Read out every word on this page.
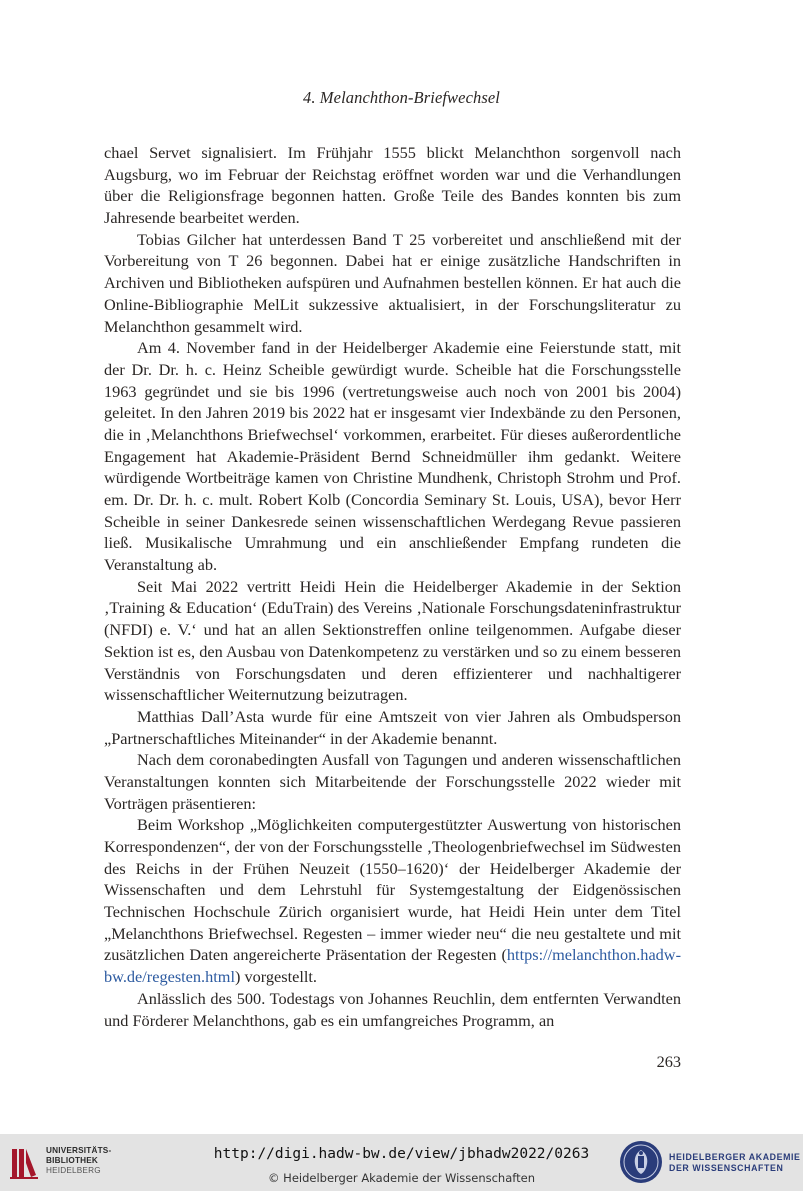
4. Melanchthon-Briefwechsel

chael Servet signalisiert. Im Frühjahr 1555 blickt Melanchthon sorgenvoll nach Augsburg, wo im Februar der Reichstag eröffnet worden war und die Verhandlungen über die Religionsfrage begonnen hatten. Große Teile des Bandes konnten bis zum Jahresende bearbeitet werden.

Tobias Gilcher hat unterdessen Band T 25 vorbereitet und anschließend mit der Vorbereitung von T 26 begonnen. Dabei hat er einige zusätzliche Handschriften in Archiven und Bibliotheken aufspüren und Aufnahmen bestellen können. Er hat auch die Online-Bibliographie MelLit sukzessive aktualisiert, in der Forschungsliteratur zu Melanchthon gesammelt wird.

Am 4. November fand in der Heidelberger Akademie eine Feierstunde statt, mit der Dr. Dr. h. c. Heinz Scheible gewürdigt wurde. Scheible hat die Forschungsstelle 1963 gegründet und sie bis 1996 (vertretungsweise auch noch von 2001 bis 2004) geleitet. In den Jahren 2019 bis 2022 hat er insgesamt vier Indexbände zu den Personen, die in ‚Melanchthons Briefwechsel‘ vorkommen, erarbeitet. Für dieses außerordentliche Engagement hat Akademie-Präsident Bernd Schneidmüller ihm gedankt. Weitere würdigende Wortbeiträge kamen von Christine Mundhenk, Christoph Strohm und Prof. em. Dr. Dr. h. c. mult. Robert Kolb (Concordia Seminary St. Louis, USA), bevor Herr Scheible in seiner Dankesrede seinen wissenschaftlichen Werdegang Revue passieren ließ. Musikalische Umrahmung und ein anschließender Empfang rundeten die Veranstaltung ab.

Seit Mai 2022 vertritt Heidi Hein die Heidelberger Akademie in der Sektion ‚Training & Education‘ (EduTrain) des Vereins ‚Nationale Forschungsdateninfrastruktur (NFDI) e. V.‘ und hat an allen Sektionstreffen online teilgenommen. Aufgabe dieser Sektion ist es, den Ausbau von Datenkompetenz zu verstärken und so zu einem besseren Verständnis von Forschungsdaten und deren effizienterer und nachhaltigerer wissenschaftlicher Weiternutzung beizutragen.

Matthias Dall’Asta wurde für eine Amtszeit von vier Jahren als Ombudsperson „Partnerschaftliches Miteinander“ in der Akademie benannt.

Nach dem coronabedingten Ausfall von Tagungen und anderen wissenschaftlichen Veranstaltungen konnten sich Mitarbeitende der Forschungsstelle 2022 wieder mit Vorträgen präsentieren:

Beim Workshop „Möglichkeiten computergestützter Auswertung von historischen Korrespondenzen“, der von der Forschungsstelle ‚Theologenbriefwechsel im Südwesten des Reichs in der Frühen Neuzeit (1550–1620)‘ der Heidelberger Akademie der Wissenschaften und dem Lehrstuhl für Systemgestaltung der Eidgenössischen Technischen Hochschule Zürich organisiert wurde, hat Heidi Hein unter dem Titel „Melanchthons Briefwechsel. Regesten – immer wieder neu“ die neu gestaltete und mit zusätzlichen Daten angereicherte Präsentation der Regesten (https://melanchthon.hadw-bw.de/regesten.html) vorgestellt.

Anlässlich des 500. Todestags von Johannes Reuchlin, dem entfernten Verwandten und Förderer Melanchthons, gab es ein umfangreiches Programm, an

263
UNIVERSITÄTS-
BIBLIOTHEK
HEIDELBERG
http://digi.hadw-bw.de/view/jbhadw2022/0263
© Heidelberger Akademie der Wissenschaften
HEIDELBERGER AKADEMIE
DER WISSENSCHAFTEN
